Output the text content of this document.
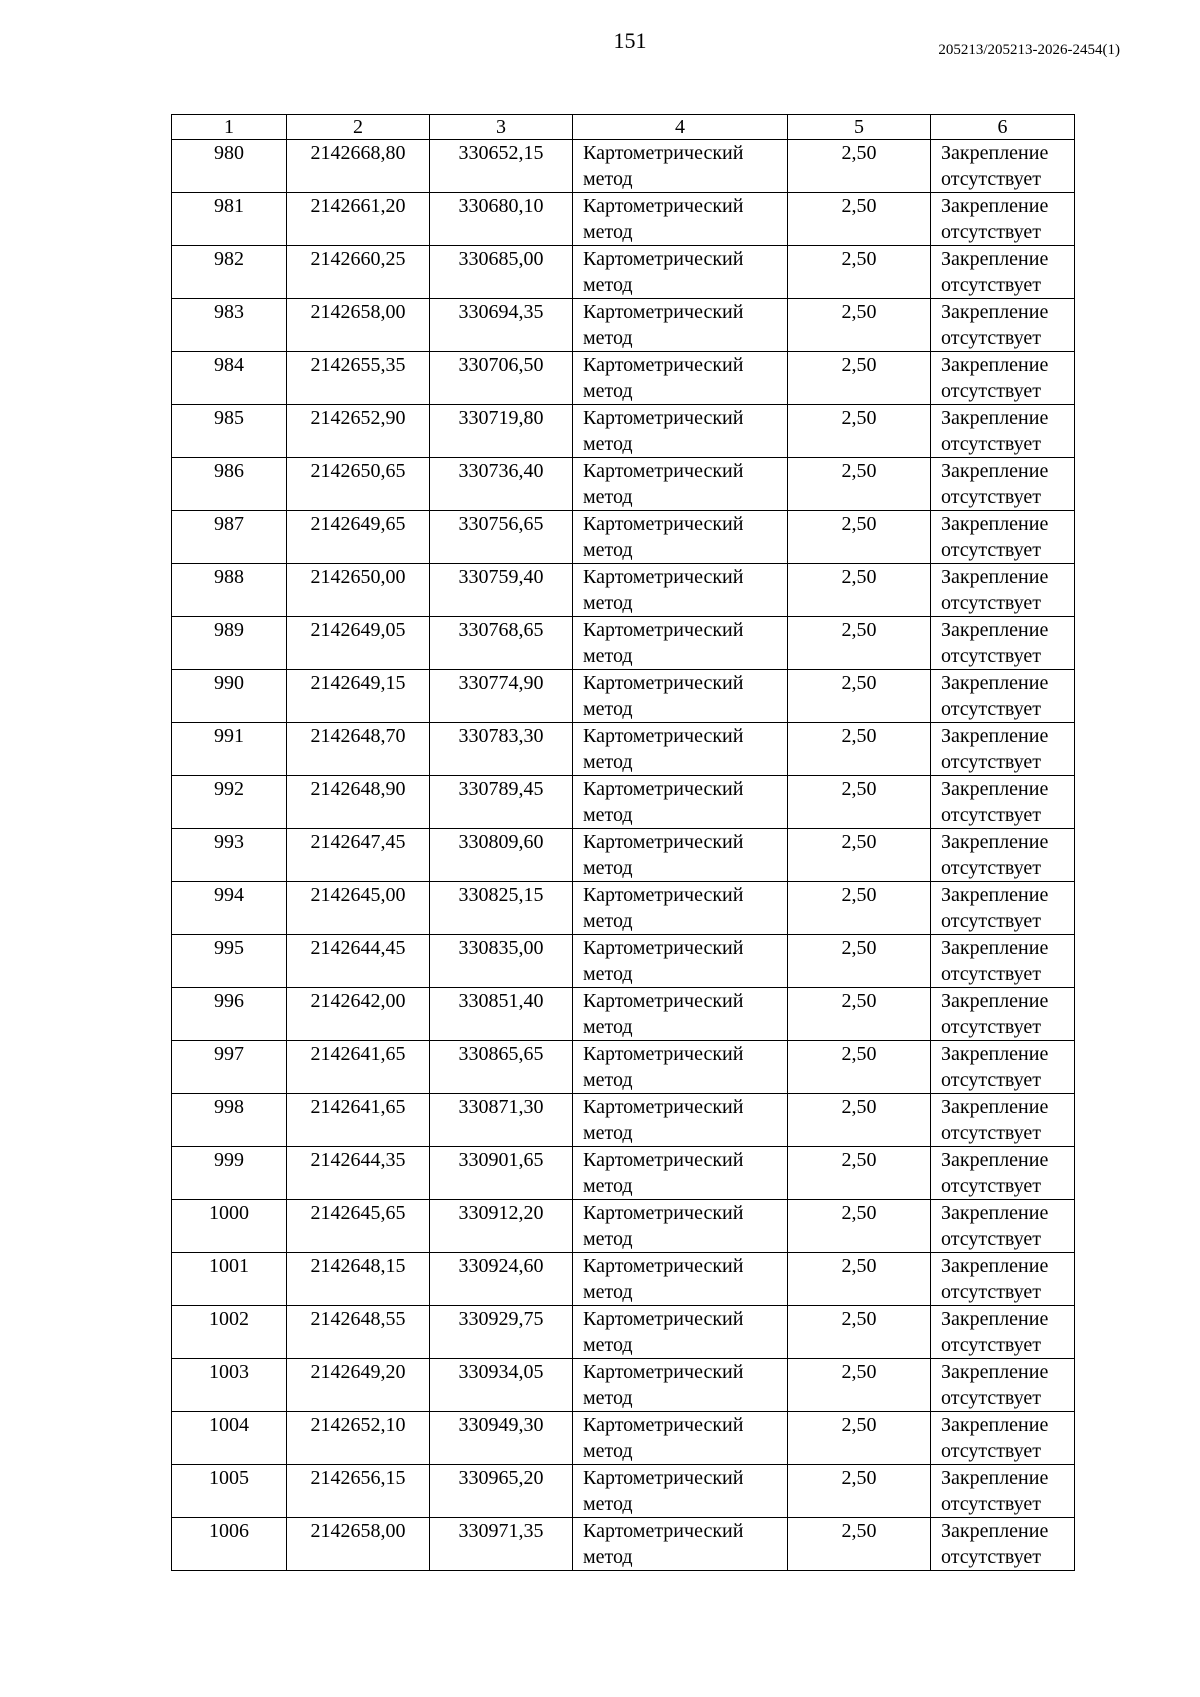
151	205213/205213-2026-2454(1)
1	2	3	4	5	6
980	2142668,80	330652,15	Картометрический метод	2,50	Закрепление отсутствует
981	2142661,20	330680,10	Картометрический метод	2,50	Закрепление отсутствует
982	2142660,25	330685,00	Картометрический метод	2,50	Закрепление отсутствует
983	2142658,00	330694,35	Картометрический метод	2,50	Закрепление отсутствует
984	2142655,35	330706,50	Картометрический метод	2,50	Закрепление отсутствует
985	2142652,90	330719,80	Картометрический метод	2,50	Закрепление отсутствует
986	2142650,65	330736,40	Картометрический метод	2,50	Закрепление отсутствует
987	2142649,65	330756,65	Картометрический метод	2,50	Закрепление отсутствует
988	2142650,00	330759,40	Картометрический метод	2,50	Закрепление отсутствует
989	2142649,05	330768,65	Картометрический метод	2,50	Закрепление отсутствует
990	2142649,15	330774,90	Картометрический метод	2,50	Закрепление отсутствует
991	2142648,70	330783,30	Картометрический метод	2,50	Закрепление отсутствует
992	2142648,90	330789,45	Картометрический метод	2,50	Закрепление отсутствует
993	2142647,45	330809,60	Картометрический метод	2,50	Закрепление отсутствует
994	2142645,00	330825,15	Картометрический метод	2,50	Закрепление отсутствует
995	2142644,45	330835,00	Картометрический метод	2,50	Закрепление отсутствует
996	2142642,00	330851,40	Картометрический метод	2,50	Закрепление отсутствует
997	2142641,65	330865,65	Картометрический метод	2,50	Закрепление отсутствует
998	2142641,65	330871,30	Картометрический метод	2,50	Закрепление отсутствует
999	2142644,35	330901,65	Картометрический метод	2,50	Закрепление отсутствует
1000	2142645,65	330912,20	Картометрический метод	2,50	Закрепление отсутствует
1001	2142648,15	330924,60	Картометрический метод	2,50	Закрепление отсутствует
1002	2142648,55	330929,75	Картометрический метод	2,50	Закрепление отсутствует
1003	2142649,20	330934,05	Картометрический метод	2,50	Закрепление отсутствует
1004	2142652,10	330949,30	Картометрический метод	2,50	Закрепление отсутствует
1005	2142656,15	330965,20	Картометрический метод	2,50	Закрепление отсутствует
1006	2142658,00	330971,35	Картометрический метод	2,50	Закрепление отсутствует
